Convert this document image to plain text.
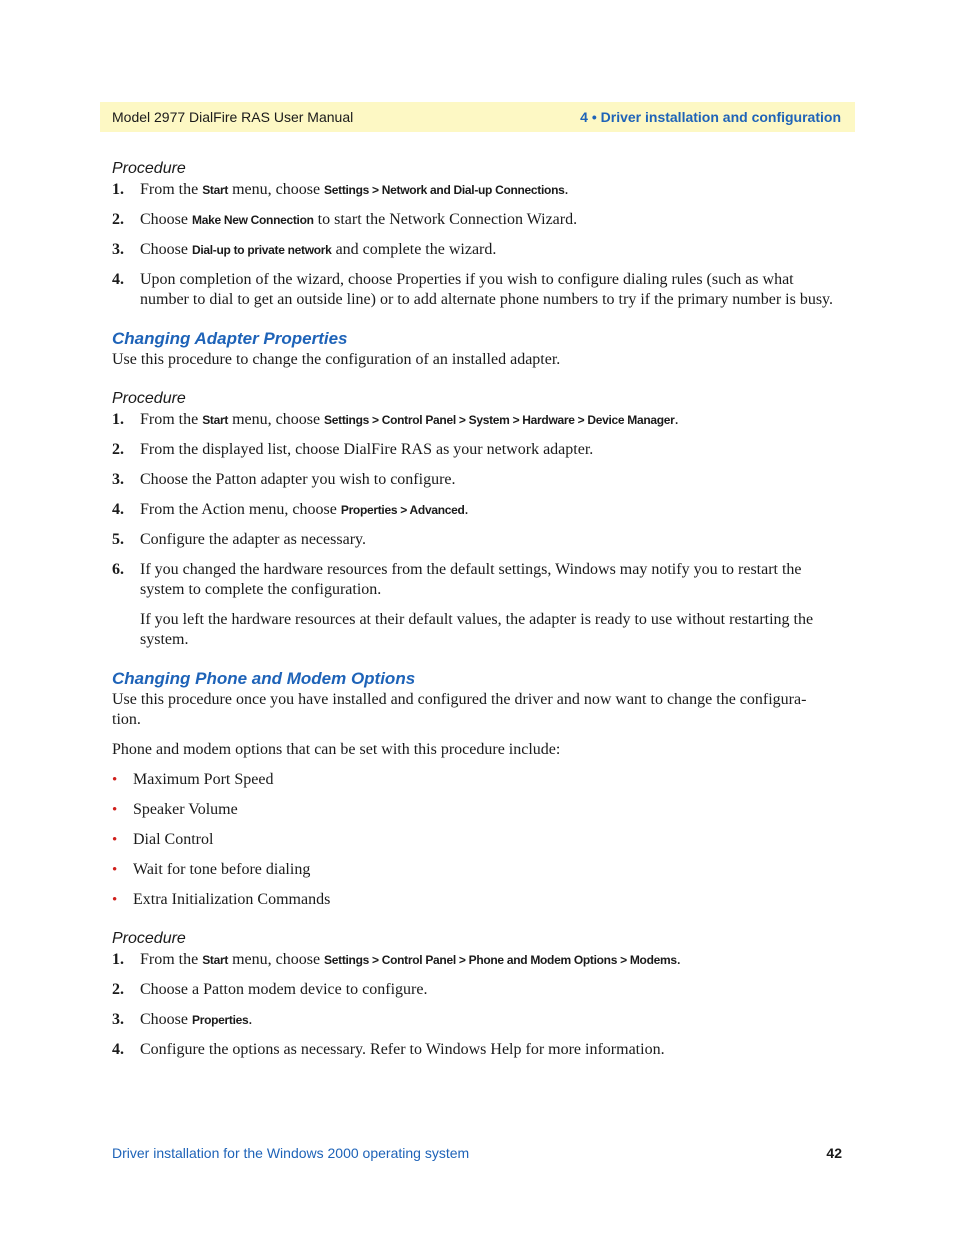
Model 2977 DialFire RAS User Manual	4 • Driver installation and configuration

Procedure

1. From the Start menu, choose Settings > Network and Dial-up Connections.
2. Choose Make New Connection to start the Network Connection Wizard.
3. Choose Dial-up to private network and complete the wizard.
4. Upon completion of the wizard, choose Properties if you wish to configure dialing rules (such as what number to dial to get an outside line) or to add alternate phone numbers to try if the primary number is busy.
Changing Adapter Properties

Use this procedure to change the configuration of an installed adapter.

Procedure

1. From the Start menu, choose Settings > Control Panel > System > Hardware > Device Manager.
2. From the displayed list, choose DialFire RAS as your network adapter.
3. Choose the Patton adapter you wish to configure.
4. From the Action menu, choose Properties > Advanced.
5. Configure the adapter as necessary.
6. If you changed the hardware resources from the default settings, Windows may notify you to restart the system to complete the configuration.

If you left the hardware resources at their default values, the adapter is ready to use without restarting the system.

Changing Phone and Modem Options

Use this procedure once you have installed and configured the driver and now want to change the configura-tion.

Phone and modem options that can be set with this procedure include:

• Maximum Port Speed
• Speaker Volume
• Dial Control
• Wait for tone before dialing
• Extra Initialization Commands

Procedure

1. From the Start menu, choose Settings > Control Panel > Phone and Modem Options > Modems.
2. Choose a Patton modem device to configure.
3. Choose Properties.
4. Configure the options as necessary. Refer to Windows Help for more information.
Driver installation for the Windows 2000 operating system	42
